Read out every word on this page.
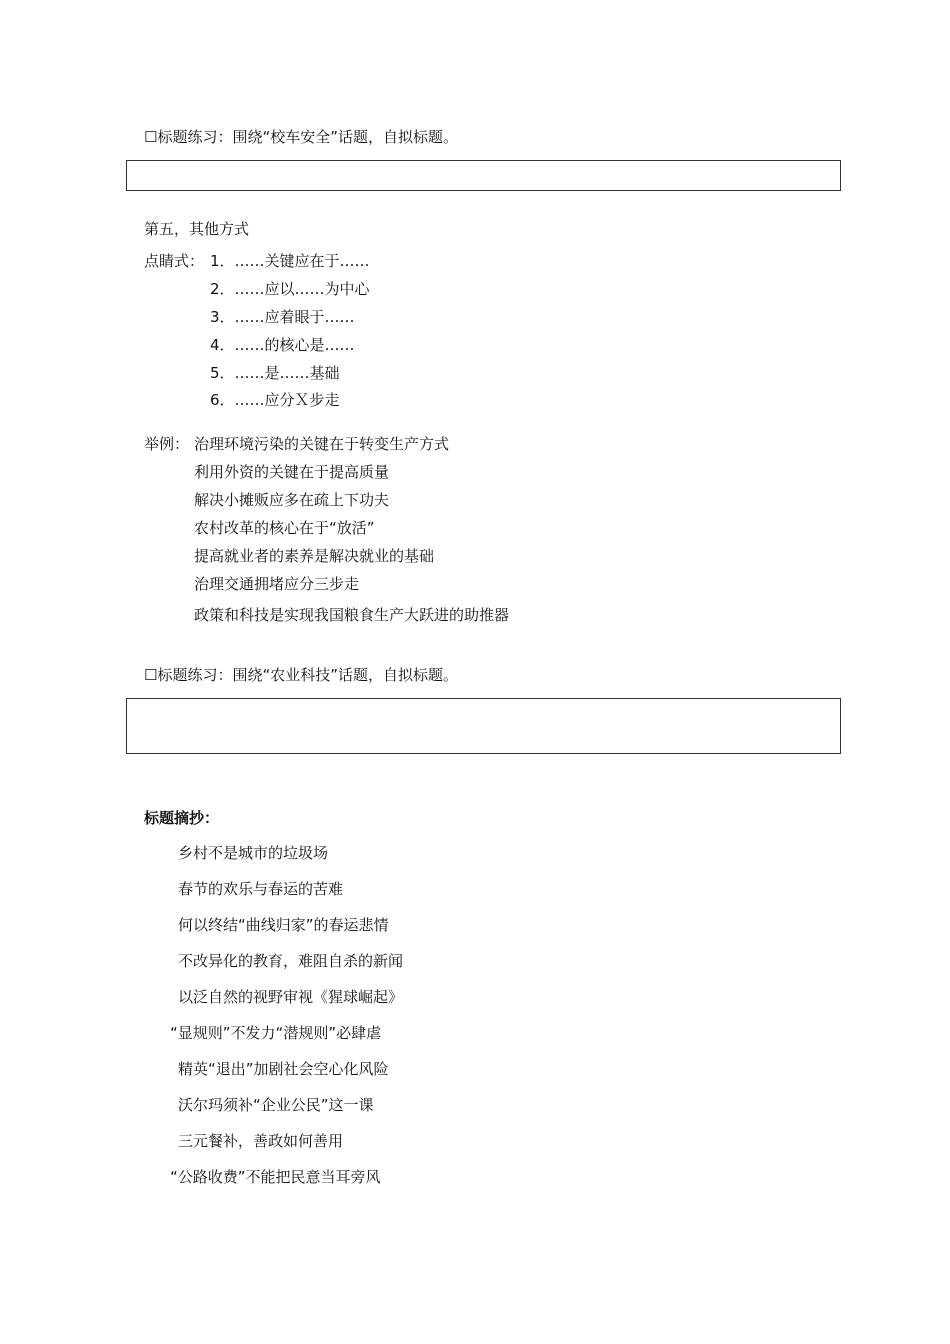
☐标题练习：围绕“校车安全”话题，自拟标题。
第五，其他方式
点睛式： 1．……关键应在于……
2．……应以……为中心
3．……应着眼于……
4．……的核心是……
5．……是……基础
6．……应分Ｘ步走
举例： 治理环境污染的关键在于转变生产方式
利用外资的关键在于提高质量
解决小摊贩应多在疏上下功夫
农村改革的核心在于“放活”
提高就业者的素养是解决就业的基础
治理交通拥堵应分三步走
政策和科技是实现我国粮食生产大跃进的助推器
☐标题练习：围绕“农业科技”话题，自拟标题。
标题摘抄：
乡村不是城市的垃圾场
春节的欢乐与春运的苦难
何以终结“曲线归家”的春运悲情
不改异化的教育，难阻自杀的新闻
以泛自然的视野审视《猩球崛起》
“显规则”不发力“潜规则”必肆虐
精英“退出”加剧社会空心化风险
沃尔玛须补“企业公民”这一课
三元餐补，善政如何善用
“公路收费”不能把民意当耳旁风
